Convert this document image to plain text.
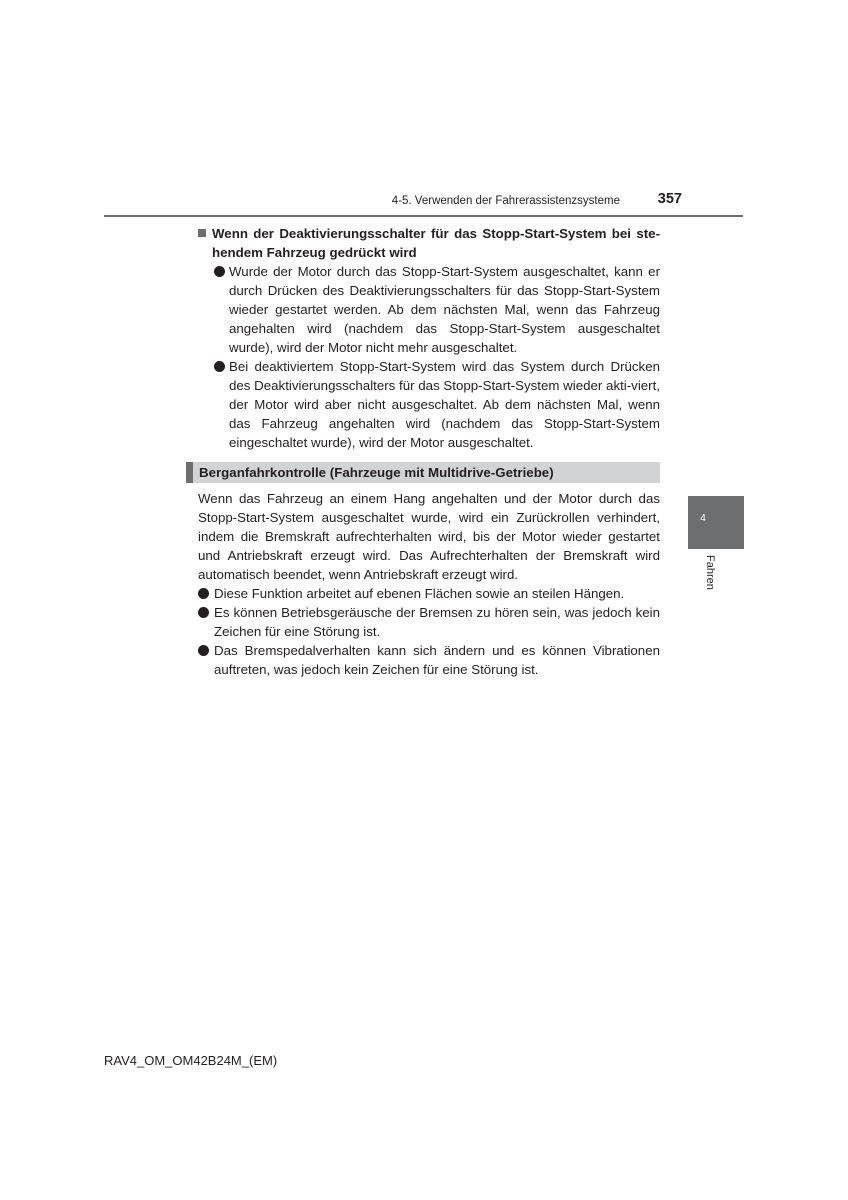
4-5. Verwenden der Fahrerassistenzsysteme	357
Wenn der Deaktivierungsschalter für das Stopp-Start-System bei ste-hendem Fahrzeug gedrückt wird
Wurde der Motor durch das Stopp-Start-System ausgeschaltet, kann er durch Drücken des Deaktivierungsschalters für das Stopp-Start-System wieder gestartet werden. Ab dem nächsten Mal, wenn das Fahrzeug angehalten wird (nachdem das Stopp-Start-System ausgeschaltet wurde), wird der Motor nicht mehr ausgeschaltet.
Bei deaktiviertem Stopp-Start-System wird das System durch Drücken des Deaktivierungsschalters für das Stopp-Start-System wieder akti-viert, der Motor wird aber nicht ausgeschaltet. Ab dem nächsten Mal, wenn das Fahrzeug angehalten wird (nachdem das Stopp-Start-System eingeschaltet wurde), wird der Motor ausgeschaltet.
Berganfahrkontrolle (Fahrzeuge mit Multidrive-Getriebe)
Wenn das Fahrzeug an einem Hang angehalten und der Motor durch das Stopp-Start-System ausgeschaltet wurde, wird ein Zurückrollen verhindert, indem die Bremskraft aufrechterhalten wird, bis der Motor wieder gestartet und Antriebskraft erzeugt wird. Das Aufrechterhalten der Bremskraft wird automatisch beendet, wenn Antriebskraft erzeugt wird.
Diese Funktion arbeitet auf ebenen Flächen sowie an steilen Hängen.
Es können Betriebsgeräusche der Bremsen zu hören sein, was jedoch kein Zeichen für eine Störung ist.
Das Bremspedalverhalten kann sich ändern und es können Vibrationen auftreten, was jedoch kein Zeichen für eine Störung ist.
4
Fahren
RAV4_OM_OM42B24M_(EM)
